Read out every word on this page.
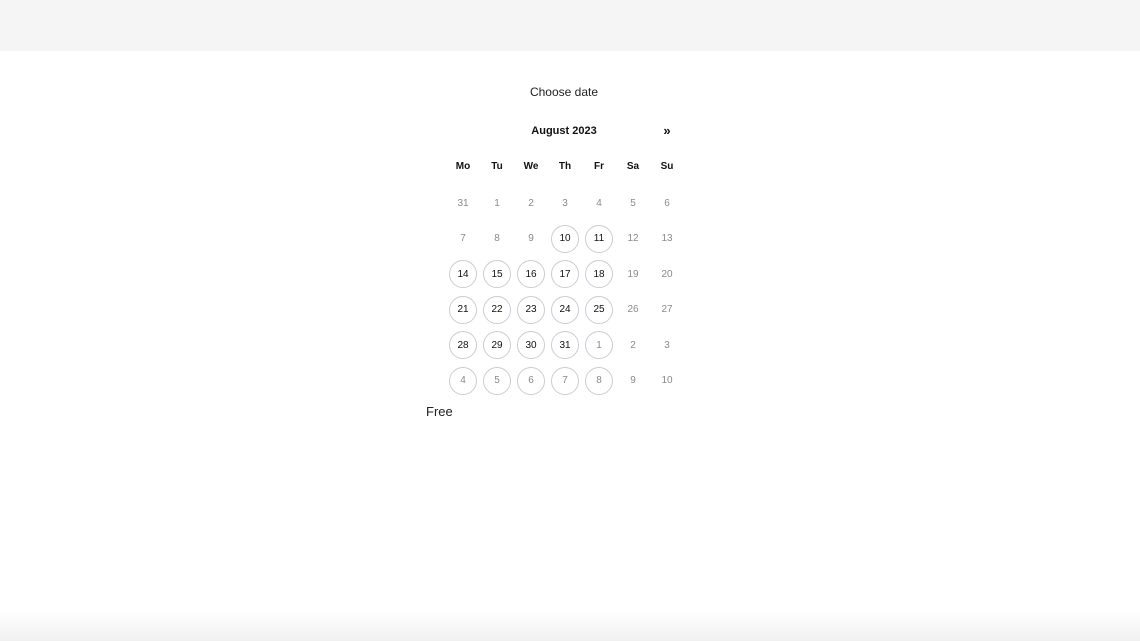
Choose date
August 2023	»
Mo	Tu	We	Th	Fr	Sa	Su
31	1	2	3	4	5	6
7	8	9	10	11	12	13
14	15	16	17	18	19	20
21	22	23	24	25	26	27
28	29	30	31	1	2	3
4	5	6	7	8	9	10
Free
